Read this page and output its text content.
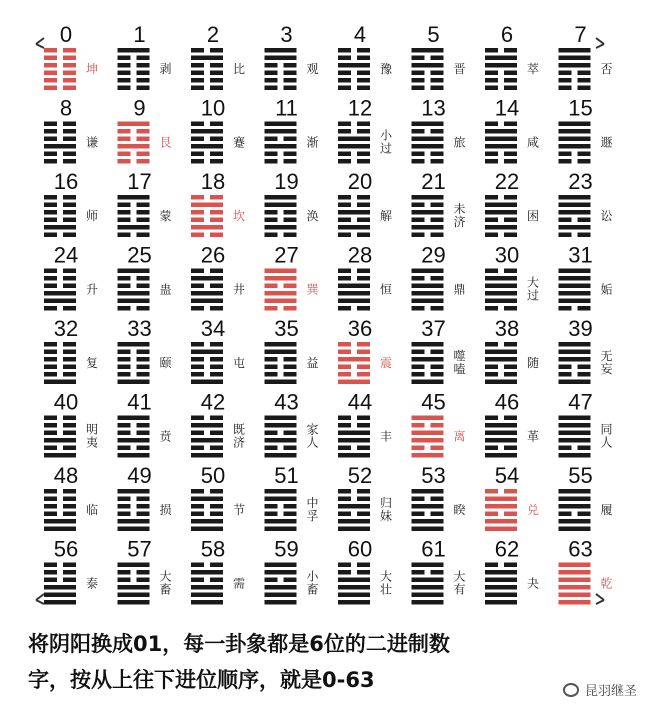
0
坤
1
剥
2
比
3
观
4
豫
5
晋
6
萃
7
否
8
谦
9
艮
10
蹇
11
渐
12
小过
13
旅
14
咸
15
遯
16
师
17
蒙
18
坎
19
涣
20
解
21
未济
22
困
23
讼
24
升
25
蛊
26
井
27
巽
28
恒
29
鼎
30
大过
31
姤
32
复
33
颐
34
屯
35
益
36
震
37
噬嗑
38
随
39
无妄
40
明夷
41
贲
42
既济
43
家人
44
丰
45
离
46
革
47
同人
48
临
49
损
50
节
51
中孚
52
归妹
53
睽
54
兑
55
履
56
泰
57
大畜
58
需
59
小畜
60
大壮
61
大有
62
夬
63
乾
将阴阳换成01，每一卦象都是6位的二进制数
字，按从上往下进位顺序，就是0-63	昆羽继圣
